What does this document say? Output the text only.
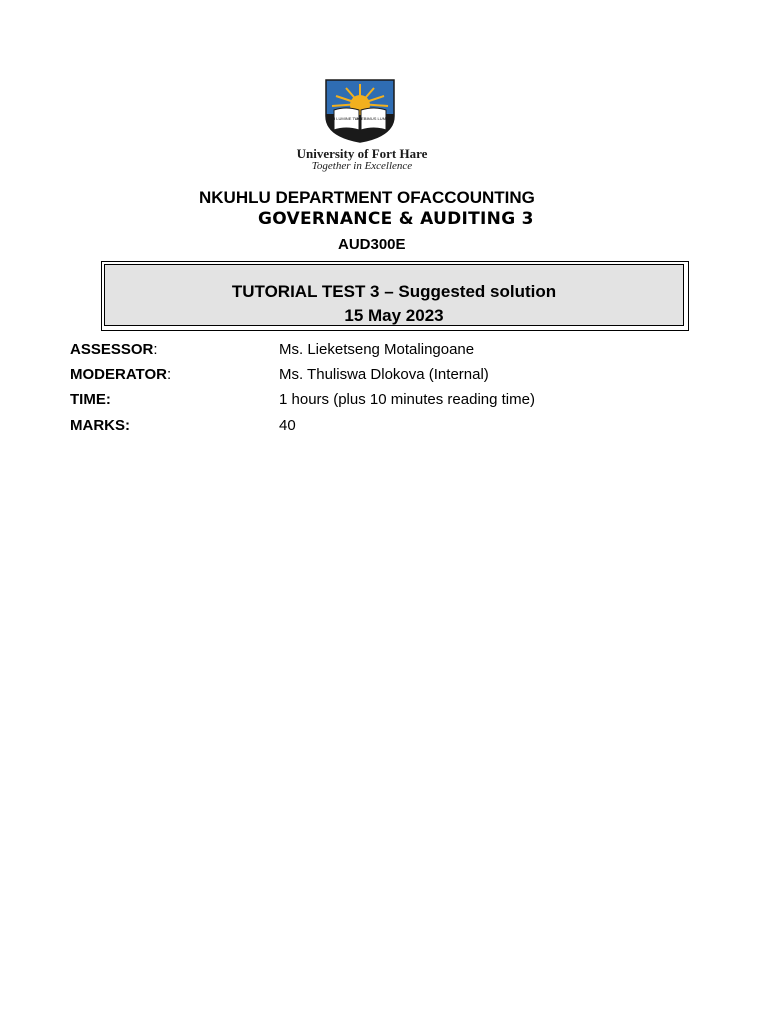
IN LUMINE TUO
VIDEBIMUS LUMEN
University of Fort Hare
Together in Excellence
NKUHLU DEPARTMENT OFACCOUNTING
GOVERNANCE & AUDITING 3
AUD300E
TUTORIAL TEST 3 – Suggested solution
15 May 2023
ASSESSOR:	Ms. Lieketseng Motalingoane
MODERATOR:	Ms. Thuliswa Dlokova (Internal)
TIME:	1 hours (plus 10 minutes reading time)
MARKS:	40
